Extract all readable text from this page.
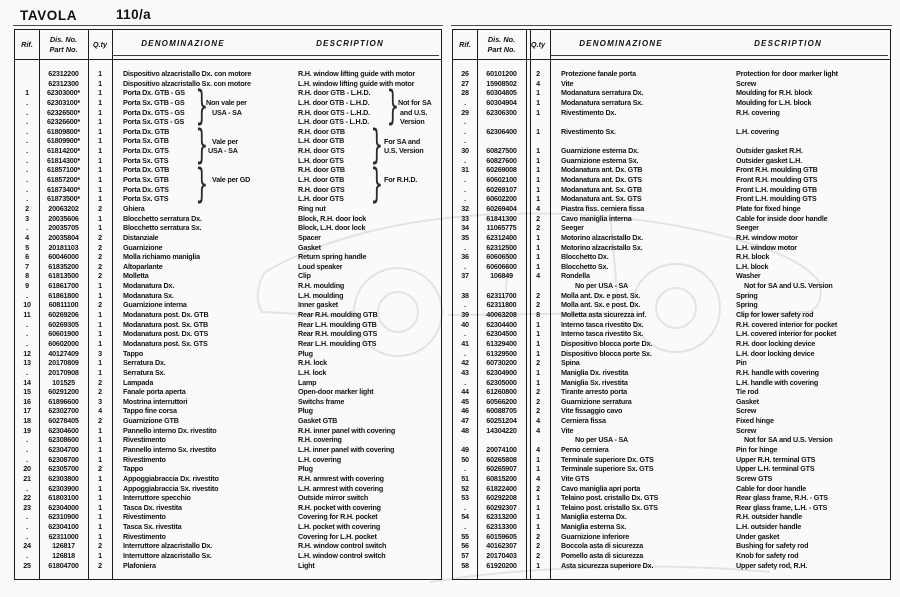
TAVOLA	110/a
Rif.
Dis. No.
Part No.	Q.ty	DENOMINAZIONE	DESCRIPTION
}	}
Non vale per
USA - SA
Not for SA
and U.S.
Version
}	}
Vale per
USA - SA
For SA and
U.S. Version
}	}
Vale per GD	For R.H.D.
62312200	1	Dispositivo alzacristallo Dx. con motore	R.H. window lifting guide with motor
62312300	1	Dispositivo alzacristallo Sx. con motore	L.H. window lifting guide with motor
1	62303000*	1	Porta Dx. GTB - GS	R.H. door GTB - L.H.D.
.	62303100*	1	Porta Sx. GTB - GS	L.H. door GTB - L.H.D.
.	62326500*	1	Porta Dx. GTS - GS	R.H. door GTS - L.H.D.
.	62326600*	1	Porta Sx. GTS - GS	L.H. door GTS - L.H.D.
.	61809800*	1	Porta Dx. GTB	R.H. door GTB
.	61809900*	1	Porta Sx. GTB	L.H. door GTB
.	61814200*	1	Porta Dx. GTS	R.H. door GTS
.	61814300*	1	Porta Sx. GTS	L.H. door GTS
.	61857100*	1	Porta Dx. GTB	R.H. door GTB
.	61857200*	1	Porta Sx. GTB	L.H. door GTB
.	61873400*	1	Porta Dx. GTS	R.H. door GTS
.	61873500*	1	Porta Sx. GTS	L.H. door GTS
2	20063202	2	Ghiera	Ring nut
3	20035606	1	Blocchetto serratura Dx.	Block, R.H. door lock
.	20035705	1	Blocchetto serratura Sx.	Block, L.H. door lock
4	20035804	2	Distanziale	Spacer
5	20181103	2	Guarnizione	Gasket
6	60046000	2	Molla richiamo maniglia	Return spring handle
7	61835200	2	Altoparlante	Loud speaker
8	61813500	2	Molletta	Clip
9	61861700	1	Modanatura Dx.	R.H. moulding
.	61861800	1	Modanatura Sx.	L.H. moulding
10	60811100	2	Guarnizione interna	Inner gasket
11	60269206	1	Modanatura post. Dx. GTB	Rear R.H. moulding GTB
.	60269305	1	Modanatura post. Sx. GTB	Rear L.H. moulding GTB
.	60601900	1	Modanatura post. Dx. GTS	Rear R.H. moulding GTS
.	60602000	1	Modanatura post. Sx. GTS	Rear L.H. moulding GTS
12	40127409	3	Tappo	Plug
13	20170809	1	Serratura Dx.	R.H. lock
.	20170908	1	Serratura Sx.	L.H. lock
14	101525	2	Lampada	Lamp
15	60291200	2	Fanale porta aperta	Open-door marker light
16	61896600	3	Mostrina interruttori	Switchs frame
17	62302700	4	Tappo fine corsa	Plug
18	60278405	2	Guarnizione GTB	Gasket GTB
19	62304600	1	Pannello interno Dx. rivestito	R.H. inner panel with covering
.	62308600	1	Rivestimento	R.H. covering
.	62304700	1	Pannello interno Sx. rivestito	L.H. inner panel with covering
.	62308700	1	Rivestimento	L.H. covering
20	62305700	2	Tappo	Plug
21	62303800	1	Appoggiabraccia Dx. rivestito	R.H. armrest with covering
.	62303900	1	Appoggiabraccia Sx. rivestito	L.H. armrest with covering
22	61803100	1	Interruttore specchio	Outside mirror switch
23	62304000	1	Tasca Dx. rivestita	R.H. pocket with covering
.	62310900	1	Rivestimento	Covering for R.H. pocket
.	62304100	1	Tasca Sx. rivestita	L.H. pocket with covering
.	62311000	1	Rivestimento	Covering for L.H. pocket
24	126817	2	Interruttore alzacristallo Dx.	R.H. window control switch
.	126818	1	Interruttore alzacristallo Sx.	L.H. window control switch
25	61804700	2	Plafoniera	Light
Rif.
Dis. No.
Part No.	Q.ty	DENOMINAZIONE	DESCRIPTION
26	60101200	2	Protezione fanale porta	Protection for door marker light
27	15908502	4	Vite	Screw
28	60304805	1	Modanatura serratura Dx.	Moulding for R.H. block
.	60304904	1	Modanatura serratura Sx.	Moulding for L.H. block
29	62306300	1	Rivestimento Dx.	R.H. covering
.
.	62306400	1	Rivestimento Sx.	L.H. covering
.
30	60827500	1	Guarnizione esterna Dx.	Outsider gasket R.H.
.	60827600	1	Guarnizione esterna Sx.	Outsider gasket L.H.
31	60269008	1	Modanatura ant. Dx. GTB	Front R.H. moulding GTB
.	60602100	1	Modanatura ant. Dx. GTS	Front R.H. moulding GTS
.	60269107	1	Modanatura ant. Sx. GTB	Front L.H. moulding GTB
.	60602200	1	Modanatura ant. Sx. GTS	Front L.H. moulding GTS
32	60269404	4	Piastra fiss. cerniera fissa	Plate for fixed hinge
33	61841300	2	Cavo maniglia interna	Cable for inside door handle
34	11065775	2	Seeger	Seeger
35	62312400	1	Motorino alzacristallo Dx.	R.H. window motor
.	62312500	1	Motorino alzacristallo Sx.	L.H. window motor
36	60606500	1	Blocchetto Dx.	R.H. block
.	60606600	1	Blocchetto Sx.	L.H. block
37	106849	4	Rondella	Washer
No per USA - SA	Not for SA and U.S. Version
38	62311700	2	Molla ant. Dx. e post. Sx.	Spring
.	62311800	2	Molla ant. Sx. e post. Dx.	Spring
39	40063208	8	Molletta asta sicurezza inf.	Clip for lower safety rod
40	62304400	1	Interno tasca rivestito Dx.	R.H. covered interior for pocket
.	62304500	1	Interno tasca rivestito Sx.	L.H. covered interior for pocket
41	61329400	1	Dispositivo blocca porte Dx.	R.H. door locking device
.	61329500	1	Dispositivo blocca porte Sx.	L.H. door locking device
42	60730200	2	Spina	Pin
43	62304900	1	Maniglia Dx. rivestita	R.H. handle with covering
.	62305000	1	Maniglia Sx. rivestita	L.H. handle with covering
44	61260800	2	Tirante arresto porta	Tie rod
45	60566200	2	Guarnizione serratura	Gasket
46	60088705	2	Vite fissaggio cavo	Screw
47	60251204	4	Cerniera fissa	Fixed hinge
48	14304220	4	Vite	Screw
No per USA - SA	Not for SA and U.S. Version
49	20074100	4	Perno cerniera	Pin for hinge
50	60265808	1	Terminale superiore Dx. GTS	Upper R.H. terminal GTS
.	60265907	1	Terminale superiore Sx. GTS	Upper L.H. terminal GTS
51	60815200	4	Vite GTS	Screw GTS
52	61822400	2	Cavo maniglia apri porta	Cable for door handle
53	60292208	1	Telaino post. cristallo Dx. GTS	Rear glass frame, R.H. - GTS
.	60292307	1	Telaino post. cristallo Sx. GTS	Rear glass frame, L.H. - GTS
54	62313200	1	Maniglia esterna Dx.	R.H. outsider handle
.	62313300	1	Maniglia esterna Sx.	L.H. outsider handle
55	60159605	2	Guarnizione inferiore	Under gasket
56	40162307	2	Boccola asta di sicurezza	Bushing for safety rod
57	20170403	2	Pomello asta di sicurezza	Knob for safety rod
58	61920200	1	Asta sicurezza superiore Dx.	Upper safety rod, R.H.
